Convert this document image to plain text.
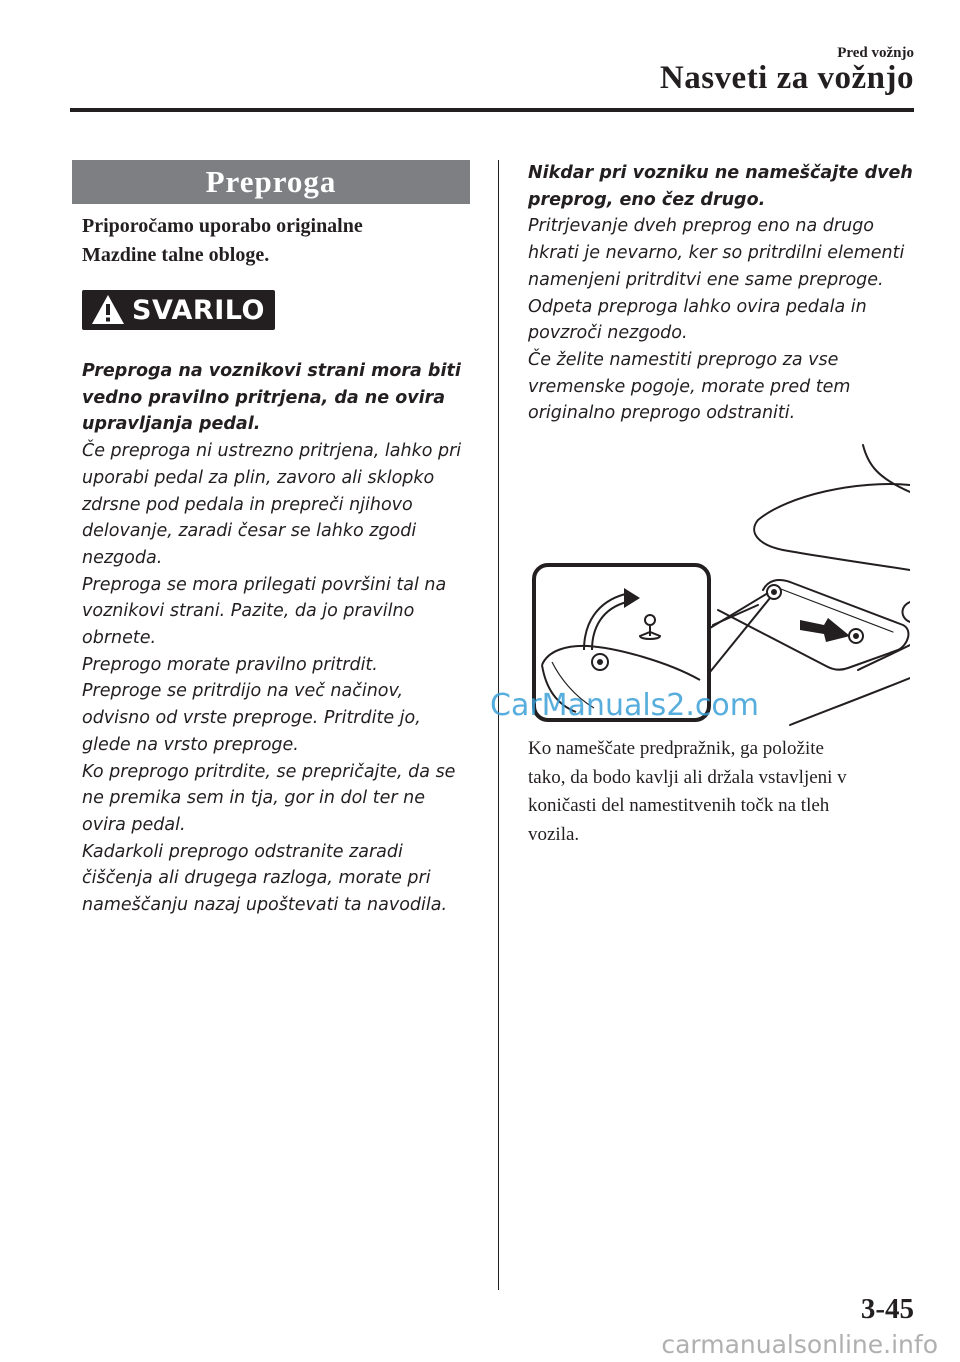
Pred vožnjo
Nasveti za vožnjo
Preproga
Priporočamo uporabo originalne
Mazdine talne obloge.
SVARILO
Preproga na voznikovi strani mora biti
vedno pravilno pritrjena, da ne ovira
upravljanja pedal.
Če preproga ni ustrezno pritrjena, lahko pri
uporabi pedal za plin, zavoro ali sklopko
zdrsne pod pedala in prepreči njihovo
delovanje, zaradi česar se lahko zgodi
nezgoda.
Preproga se mora prilegati površini tal na
voznikovi strani. Pazite, da jo pravilno
obrnete.
Preprogo morate pravilno pritrdit.
Preproge se pritrdijo na več načinov,
odvisno od vrste preproge. Pritrdite jo,
glede na vrsto preproge.
Ko preprogo pritrdite, se prepričajte, da se
ne premika sem in tja, gor in dol ter ne
ovira pedal.
Kadarkoli preprogo odstranite zaradi
čiščenja ali drugega razloga, morate pri
nameščanju nazaj upoštevati ta navodila.
Nikdar pri vozniku ne nameščajte dveh
preprog, eno čez drugo.
Pritrjevanje dveh preprog eno na drugo
hkrati je nevarno, ker so pritrdilni elementi
namenjeni pritrditvi ene same preproge.
Odpeta preproga lahko ovira pedala in
povzroči nezgodo.
Če želite namestiti preprogo za vse
vremenske pogoje, morate pred tem
originalno preprogo odstraniti.
Ko nameščate predpražnik, ga položite
tako, da bodo kavlji ali držala vstavljeni v
koničasti del namestitvenih točk na tleh
vozila.
CarManuals2.com
3-45
carmanualsonline.info
